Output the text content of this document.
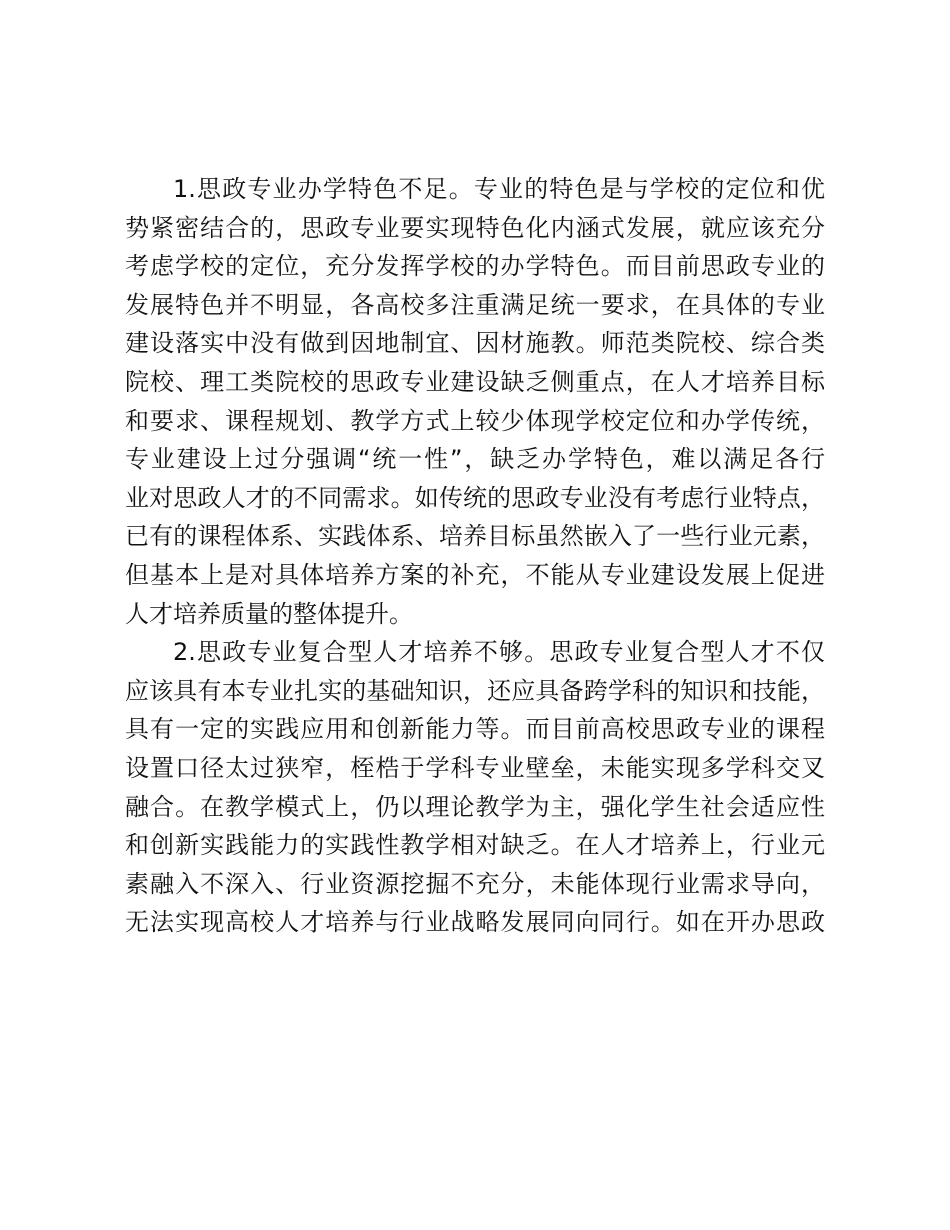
1.思政专业办学特色不足。专业的特色是与学校的定位和优
势紧密结合的，思政专业要实现特色化内涵式发展，就应该充分
考虑学校的定位，充分发挥学校的办学特色。而目前思政专业的
发展特色并不明显，各高校多注重满足统一要求，在具体的专业
建设落实中没有做到因地制宜、因材施教。师范类院校、综合类
院校、理工类院校的思政专业建设缺乏侧重点，在人才培养目标
和要求、课程规划、教学方式上较少体现学校定位和办学传统，
专业建设上过分强调“统一性”，缺乏办学特色，难以满足各行
业对思政人才的不同需求。如传统的思政专业没有考虑行业特点，
已有的课程体系、实践体系、培养目标虽然嵌入了一些行业元素，
但基本上是对具体培养方案的补充，不能从专业建设发展上促进
人才培养质量的整体提升。
2.思政专业复合型人才培养不够。思政专业复合型人才不仅
应该具有本专业扎实的基础知识，还应具备跨学科的知识和技能，
具有一定的实践应用和创新能力等。而目前高校思政专业的课程
设置口径太过狭窄，桎梏于学科专业壁垒，未能实现多学科交叉
融合。在教学模式上，仍以理论教学为主，强化学生社会适应性
和创新实践能力的实践性教学相对缺乏。在人才培养上，行业元
素融入不深入、行业资源挖掘不充分，未能体现行业需求导向，
无法实现高校人才培养与行业战略发展同向同行。如在开办思政
